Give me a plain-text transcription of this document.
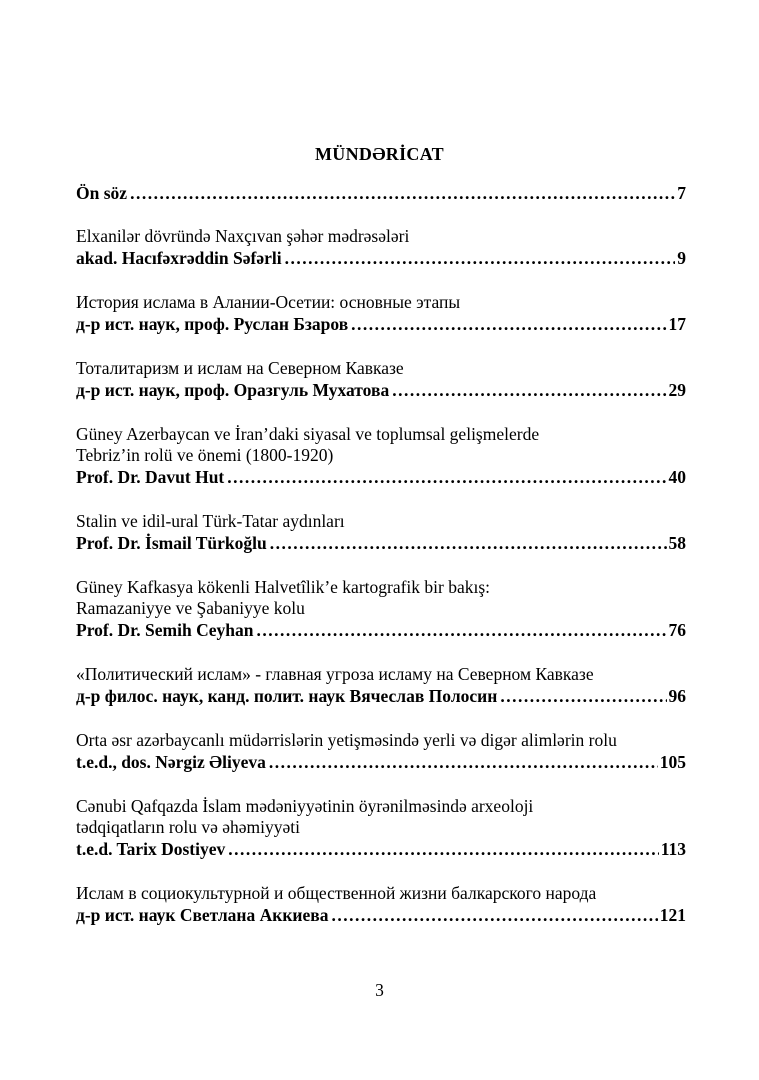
MÜNDƏRİCAT
Ön söz .....	7
Elxanilər dövründə Naxçıvan şəhər mədrəsələri
akad. Hacıfəxrəddin Səfərli .....	9
История ислама в Алании-Осетии: основные этапы
д-р ист. наук, проф. Руслан Бзаров .....	17
Тоталитаризм и ислам на Северном Кавказе
д-р ист. наук, проф. Оразгуль Мухатова .....	29
Güney Azerbaycan ve İran’daki siyasal ve toplumsal gelişmelerde
Tebriz’in rolü ve önemi (1800-1920)
Prof. Dr. Davut Hut .....	40
Stalin ve idil-ural Türk-Tatar aydınları
Prof. Dr. İsmail Türkoğlu .....	58
Güney Kafkasya kökenli Halvetîlik’e kartografik bir bakış:
Ramazaniyye ve Şabaniyye kolu
Prof. Dr. Semih Ceyhan .....	76
«Политический ислам» - главная угроза исламу на Северном Кавказе
д-р филос. наук, канд. полит. наук Вячеслав Полосин .....	96
Orta əsr azərbaycanlı müdərrislərin yetişməsində yerli və digər alimlərin rolu
t.e.d., dos. Nərgiz Əliyeva .....	105
Cənubi Qafqazda İslam mədəniyyətinin öyrənilməsində arxeoloji
tədqiqatların rolu və əhəmiyyəti
t.e.d. Tarix Dostiyev .....	113
Ислам в социокультурной и общественной жизни балкарского народа
д-р ист. наук Светлана Аккиева .....	121
3
